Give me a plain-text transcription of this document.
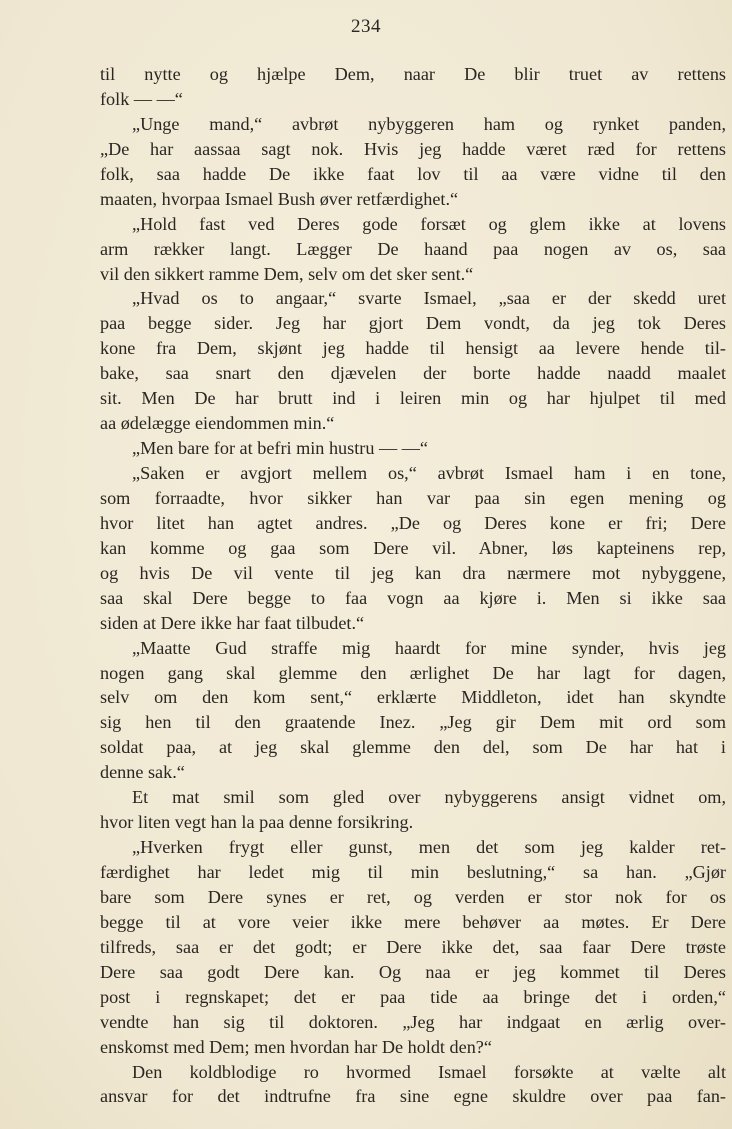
234
til nytte og hjælpe Dem, naar De blir truet av rettens
folk — —“
„Unge mand,“ avbrøt nybyggeren ham og rynket panden,
„De har aassaa sagt nok. Hvis jeg hadde været ræd for rettens
folk, saa hadde De ikke faat lov til aa være vidne til den
maaten, hvorpaa Ismael Bush øver retfærdighet.“
„Hold fast ved Deres gode forsæt og glem ikke at lovens
arm rækker langt. Lægger De haand paa nogen av os, saa
vil den sikkert ramme Dem, selv om det sker sent.“
„Hvad os to angaar,“ svarte Ismael, „saa er der skedd uret
paa begge sider. Jeg har gjort Dem vondt, da jeg tok Deres
kone fra Dem, skjønt jeg hadde til hensigt aa levere hende til-
bake, saa snart den djævelen der borte hadde naadd maalet
sit. Men De har brutt ind i leiren min og har hjulpet til med
aa ødelægge eiendommen min.“
„Men bare for at befri min hustru — —“
„Saken er avgjort mellem os,“ avbrøt Ismael ham i en tone,
som forraadte, hvor sikker han var paa sin egen mening og
hvor litet han agtet andres. „De og Deres kone er fri; Dere
kan komme og gaa som Dere vil. Abner, løs kapteinens rep,
og hvis De vil vente til jeg kan dra nærmere mot nybyggene,
saa skal Dere begge to faa vogn aa kjøre i. Men si ikke saa
siden at Dere ikke har faat tilbudet.“
„Maatte Gud straffe mig haardt for mine synder, hvis jeg
nogen gang skal glemme den ærlighet De har lagt for dagen,
selv om den kom sent,“ erklærte Middleton, idet han skyndte
sig hen til den graatende Inez. „Jeg gir Dem mit ord som
soldat paa, at jeg skal glemme den del, som De har hat i
denne sak.“
Et mat smil som gled over nybyggerens ansigt vidnet om,
hvor liten vegt han la paa denne forsikring.
„Hverken frygt eller gunst, men det som jeg kalder ret-
færdighet har ledet mig til min beslutning,“ sa han. „Gjør
bare som Dere synes er ret, og verden er stor nok for os
begge til at vore veier ikke mere behøver aa møtes. Er Dere
tilfreds, saa er det godt; er Dere ikke det, saa faar Dere trøste
Dere saa godt Dere kan. Og naa er jeg kommet til Deres
post i regnskapet; det er paa tide aa bringe det i orden,“
vendte han sig til doktoren. „Jeg har indgaat en ærlig over-
enskomst med Dem; men hvordan har De holdt den?“
Den koldblodige ro hvormed Ismael forsøkte at vælte alt
ansvar for det indtrufne fra sine egne skuldre over paa fan-
